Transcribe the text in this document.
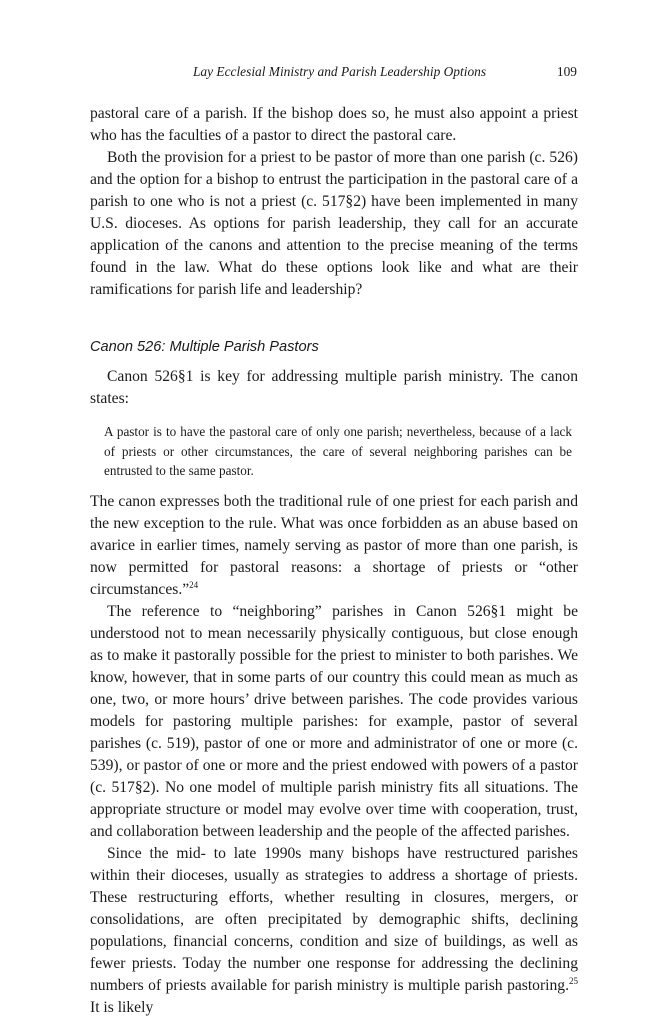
Lay Ecclesial Ministry and Parish Leadership Options	109

pastoral care of a parish. If the bishop does so, he must also appoint a priest who has the faculties of a pastor to direct the pastoral care.

Both the provision for a priest to be pastor of more than one parish (c. 526) and the option for a bishop to entrust the participation in the pastoral care of a parish to one who is not a priest (c. 517§2) have been implemented in many U.S. dioceses. As options for parish leadership, they call for an accurate application of the canons and attention to the precise meaning of the terms found in the law. What do these options look like and what are their ramifications for parish life and leadership?

Canon 526: Multiple Parish Pastors

Canon 526§1 is key for addressing multiple parish ministry. The canon states:

A pastor is to have the pastoral care of only one parish; nevertheless, because of a lack of priests or other circumstances, the care of several neighboring parishes can be entrusted to the same pastor.

The canon expresses both the traditional rule of one priest for each parish and the new exception to the rule. What was once forbidden as an abuse based on avarice in earlier times, namely serving as pastor of more than one parish, is now permitted for pastoral reasons: a shortage of priests or “other circumstances.”$^{24}$

The reference to “neighboring” parishes in Canon 526§1 might be understood not to mean necessarily physically contiguous, but close enough as to make it pastorally possible for the priest to minister to both parishes. We know, however, that in some parts of our country this could mean as much as one, two, or more hours’ drive between parishes. The code provides various models for pastoring multiple parishes: for example, pastor of several parishes (c. 519), pastor of one or more and administrator of one or more (c. 539), or pastor of one or more and the priest endowed with powers of a pastor (c. 517§2). No one model of multiple parish ministry fits all situations. The appropriate structure or model may evolve over time with cooperation, trust, and collaboration between leadership and the people of the affected parishes.

Since the mid- to late 1990s many bishops have restructured parishes within their dioceses, usually as strategies to address a shortage of priests. These restructuring efforts, whether resulting in closures, mergers, or consolidations, are often precipitated by demographic shifts, declining populations, financial concerns, condition and size of buildings, as well as fewer priests. Today the number one response for addressing the declining numbers of priests available for parish ministry is multiple parish pastoring.$^{25}$ It is likely
